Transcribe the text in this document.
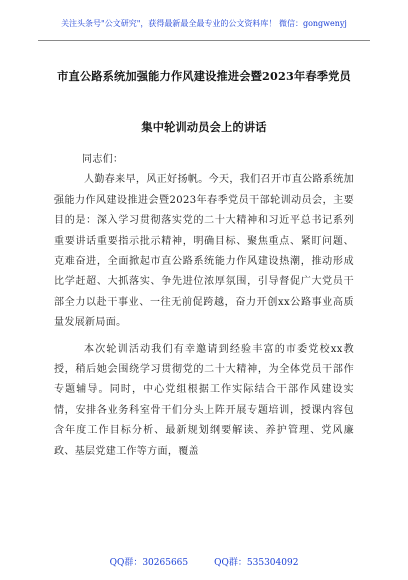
关注头条号"公文研究"，获得最新最全最专业的公文资料库！ 微信：gongwenyj
市直公路系统加强能力作风建设推进会暨2023年春季党员
集中轮训动员会上的讲话

同志们：

人勤春来早，风正好扬帆。今天，我们召开市直公路系统加强能力作风建设推进会暨2023年春季党员干部轮训动员会，主要目的是：深入学习贯彻落实党的二十大精神和习近平总书记系列重要讲话重要指示批示精神，明确目标、聚焦重点、紧盯问题、克难奋进，全面掀起市直公路系统能力作风建设热潮，推动形成比学赶超、大抓落实、争先进位浓厚氛围，引导督促广大党员干部全力以赴干事业、一往无前促跨越，奋力开创xx公路事业高质量发展新局面。

本次轮训活动我们有幸邀请到经验丰富的市委党校xx教授，稍后她会围绕学习贯彻党的二十大精神，为全体党员干部作专题辅导。同时，中心党组根据工作实际结合干部作风建设实情，安排各业务科室骨干们分头上阵开展专题培训，授课内容包含年度工作目标分析、最新规划纲要解读、养护管理、党风廉政、基层党建工作等方面，覆盖

QQ群：30265665	QQ群：535304092
